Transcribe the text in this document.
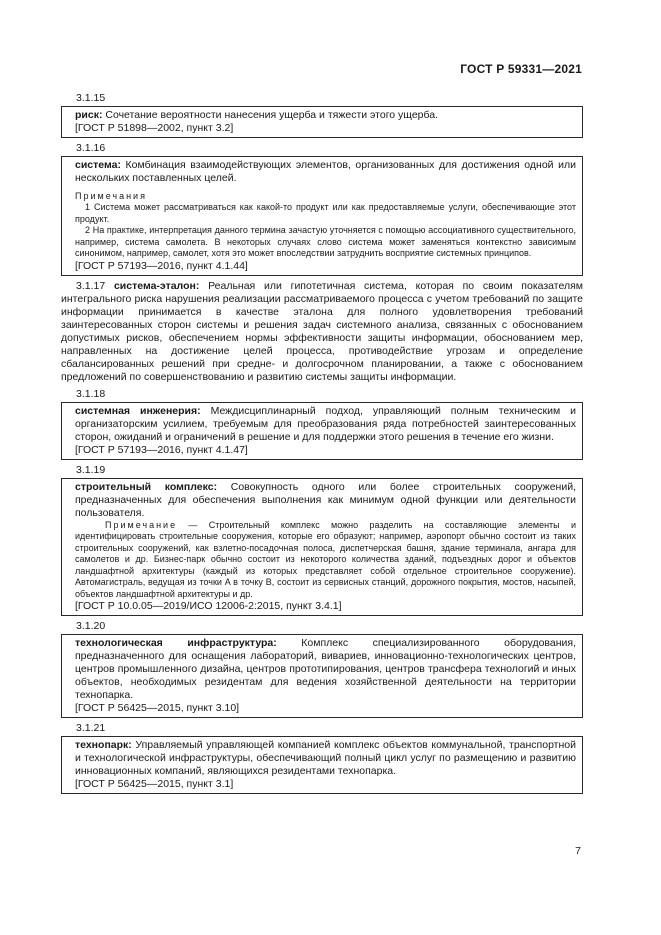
ГОСТ Р 59331—2021
3.1.15

риск: Сочетание вероятности нанесения ущерба и тяжести этого ущерба.

[ГОСТ Р 51898—2002, пункт 3.2]

3.1.16

система: Комбинация взаимодействующих элементов, организованных для достижения одной или нескольких поставленных целей.

Примечания

1 Система может рассматриваться как какой-то продукт или как предоставляемые услуги, обеспечивающие этот продукт.

2 На практике, интерпретация данного термина зачастую уточняется с помощью ассоциативного существительного, например, система самолета. В некоторых случаях слово система может заменяться контекстно зависимым синонимом, например, самолет, хотя это может впоследствии затруднить восприятие системных принципов.

[ГОСТ Р 57193—2016, пункт 4.1.44]

3.1.17 система-эталон: Реальная или гипотетичная система, которая по своим показателям интегрального риска нарушения реализации рассматриваемого процесса с учетом требований по защите информации принимается в качестве эталона для полного удовлетворения требований заинтересованных сторон системы и решения задач системного анализа, связанных с обоснованием допустимых рисков, обеспечением нормы эффективности защиты информации, обоснованием мер, направленных на достижение целей процесса, противодействие угрозам и определение сбалансированных решений при средне- и долгосрочном планировании, а также с обоснованием предложений по совершенствованию и развитию системы защиты информации.

3.1.18

системная инженерия: Междисциплинарный подход, управляющий полным техническим и организаторским усилием, требуемым для преобразования ряда потребностей заинтересованных сторон, ожиданий и ограничений в решение и для поддержки этого решения в течение его жизни.

[ГОСТ Р 57193—2016, пункт 4.1.47]

3.1.19

строительный комплекс: Совокупность одного или более строительных сооружений, предназначенных для обеспечения выполнения как минимум одной функции или деятельности пользователя.

Примечание — Строительный комплекс можно разделить на составляющие элементы и идентифицировать строительные сооружения, которые его образуют; например, аэропорт обычно состоит из таких строительных сооружений, как взлетно-посадочная полоса, диспетчерская башня, здание терминала, ангара для самолетов и др. Бизнес-парк обычно состоит из некоторого количества зданий, подъездных дорог и объектов ландшафтной архитектуры (каждый из которых представляет собой отдельное строительное сооружение). Автомагистраль, ведущая из точки A в точку B, состоит из сервисных станций, дорожного покрытия, мостов, насыпей, объектов ландшафтной архитектуры и др.

[ГОСТ Р 10.0.05—2019/ИСО 12006-2:2015, пункт 3.4.1]

3.1.20

технологическая инфраструктура: Комплекс специализированного оборудования, предназначенного для оснащения лабораторий, вивариев, инновационно-технологических центров, центров промышленного дизайна, центров прототипирования, центров трансфера технологий и иных объектов, необходимых резидентам для ведения хозяйственной деятельности на территории технопарка.

[ГОСТ Р 56425—2015, пункт 3.10]

3.1.21

технопарк: Управляемый управляющей компанией комплекс объектов коммунальной, транспортной и технологической инфраструктуры, обеспечивающий полный цикл услуг по размещению и развитию инновационных компаний, являющихся резидентами технопарка.

[ГОСТ Р 56425—2015, пункт 3.1]

7
